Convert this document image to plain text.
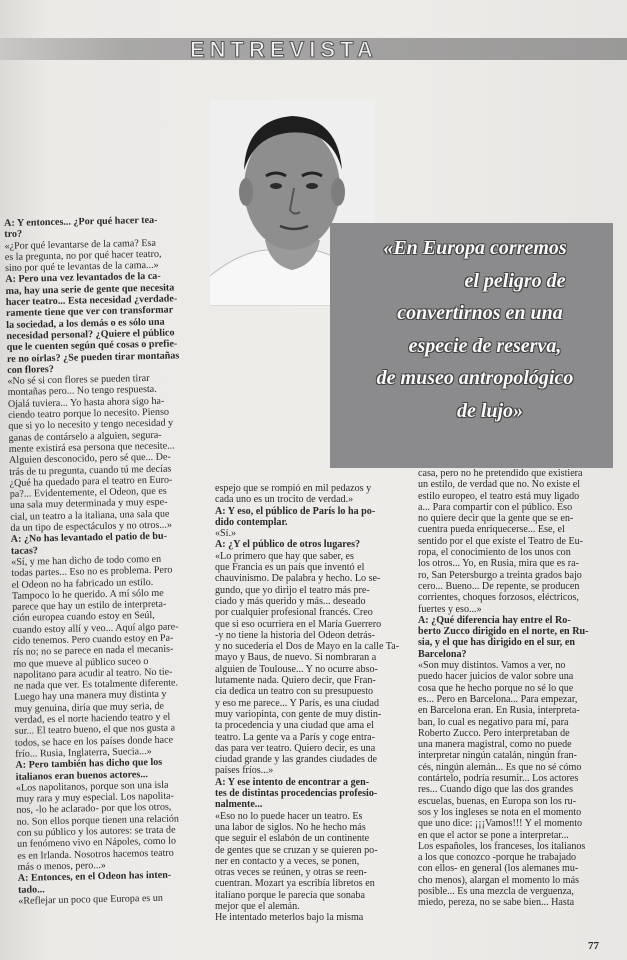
ENTREVISTA
«En Europa corremos
el peligro de
convertirnos en una
especie de reserva,
de museo antropológico
de lujo»

A: Y entonces... ¿Por qué hacer tea-

tro?

«¿Por qué levantarse de la cama? Esa

es la pregunta, no por qué hacer teatro,

sino por qué te levantas de la cama...»

A: Pero una vez levantados de la ca-

ma, hay una serie de gente que necesita

hacer teatro... Esta necesidad ¿verdade-

ramente tiene que ver con transformar

la sociedad, a los demás o es sólo una

necesidad personal? ¿Quiere el público

que le cuenten según qué cosas o prefie-

re no oírlas? ¿Se pueden tirar montañas

con flores?

«No sé si con flores se pueden tirar

montañas pero... No tengo respuesta.

Ojalá tuviera... Yo hasta ahora sigo ha-

ciendo teatro porque lo necesito. Pienso

que si yo lo necesito y tengo necesidad y

ganas de contárselo a alguien, segura-

mente existirá esa persona que necesite...

Alguien desconocido, pero sé que... De-

trás de tu pregunta, cuando tú me decías

¿Qué ha quedado para el teatro en Euro-

pa?... Evidentemente, el Odeon, que es

una sala muy determinada y muy espe-

cial, un teatro a la italiana, una sala que

da un tipo de espectáculos y no otros...»

A: ¿No has levantado el patio de bu-

tacas?

«Sí, y me han dicho de todo como en

todas partes... Eso no es problema. Pero

el Odeon no ha fabricado un estilo.

Tampoco lo he querido. A mí sólo me

parece que hay un estilo de interpreta-

ción europea cuando estoy en Seúl,

cuando estoy allí y veo... Aquí algo pare-

cido tenemos. Pero cuando estoy en Pa-

rís no; no se parece en nada el mecanis-

mo que mueve al público suceo o

napolitano para acudir al teatro. No tie-

ne nada que ver. Es totalmente diferente.

Luego hay una manera muy distinta y

muy genuina, diría que muy seria, de

verdad, es el norte haciendo teatro y el

sur... El teatro bueno, el que nos gusta a

todos, se hace en los países donde hace

frío... Rusia, Inglaterra, Suecia...»

A: Pero también has dicho que los

italianos eran buenos actores...

«Los napolitanos, porque son una isla

muy rara y muy especial. Los napolita-

nos, -lo he aclarado- por que los otros,

no. Son ellos porque tienen una relación

con su público y los autores: se trata de

un fenómeno vivo en Nápoles, como lo

es en Irlanda. Nosotros hacemos teatro

más o menos, pero...»

A: Entonces, en el Odeon has inten-

tado...

«Reflejar un poco que Europa es un

espejo que se rompió en mil pedazos y

cada uno es un trocito de verdad.»

A: Y eso, el público de París lo ha po-

dido contemplar.

«Sí.»

A: ¿Y el público de otros lugares?

«Lo primero que hay que saber, es

que Francia es un país que inventó el

chauvinismo. De palabra y hecho. Lo se-

gundo, que yo dirijo el teatro más pre-

ciado y más querido y más... deseado

por cualquier profesional francés. Creo

que si eso ocurriera en el María Guerrero

-y no tiene la historia del Odeon detrás-

y no sucedería el Dos de Mayo en la calle Ta-

mayo y Baus, de nuevo. Si nombraran a

alguien de Toulouse... Y no ocurre abso-

lutamente nada. Quiero decir, que Fran-

cia dedica un teatro con su presupuesto

y eso me parece... Y París, es una ciudad

muy variopinta, con gente de muy distin-

ta procedencia y una ciudad que ama el

teatro. La gente va a París y coge entra-

das para ver teatro. Quiero decir, es una

ciudad grande y las grandes ciudades de

países fríos...»

A: Y ese intento de encontrar a gen-

tes de distintas procedencias profesio-

nalmente...

«Eso no lo puede hacer un teatro. Es

una labor de siglos. No he hecho más

que seguir el eslabón de un continente

de gentes que se cruzan y se quieren po-

ner en contacto y a veces, se ponen,

otras veces se reúnen, y otras se reen-

cuentran. Mozart ya escribía libretos en

italiano porque le parecía que sonaba

mejor que el alemán.

He intentado meterlos bajo la misma

casa, pero no he pretendido que existiera

un estilo, de verdad que no. No existe el

estilo europeo, el teatro está muy ligado

a... Para compartir con el público. Eso

no quiere decir que la gente que se en-

cuentra pueda enriquecerse... Ese, el

sentido por el que existe el Teatro de Eu-

ropa, el conocimiento de los unos con

los otros... Yo, en Rusia, mira que es ra-

ro, San Petersburgo a treinta grados bajo

cero... Bueno... De repente, se producen

corrientes, choques forzosos, eléctricos,

fuertes y eso...»

A: ¿Qué diferencia hay entre el Ro-

berto Zucco dirigido en el norte, en Ru-

sia, y el que has dirigido en el sur, en

Barcelona?

«Son muy distintos. Vamos a ver, no

puedo hacer juicios de valor sobre una

cosa que he hecho porque no sé lo que

es... Pero en Barcelona... Para empezar,

en Barcelona eran. En Rusia, interpreta-

ban, lo cual es negativo para mí, para

Roberto Zucco. Pero interpretaban de

una manera magistral, como no puede

interpretar ningún catalán, ningún fran-

cés, ningún alemán... Es que no sé cómo

contártelo, podría resumir... Los actores

res... Cuando digo que las dos grandes

escuelas, buenas, en Europa son los ru-

sos y los ingleses se nota en el momento

que uno dice: ¡¡¡Vamos!!! Y el momento

en que el actor se pone a interpretar...

Los españoles, los franceses, los italianos

a los que conozco -porque he trabajado

con ellos- en general (los alemanes mu-

cho menos), alargan el momento lo más

posible... Es una mezcla de verguenza,

miedo, pereza, no se sabe bien... Hasta

77
